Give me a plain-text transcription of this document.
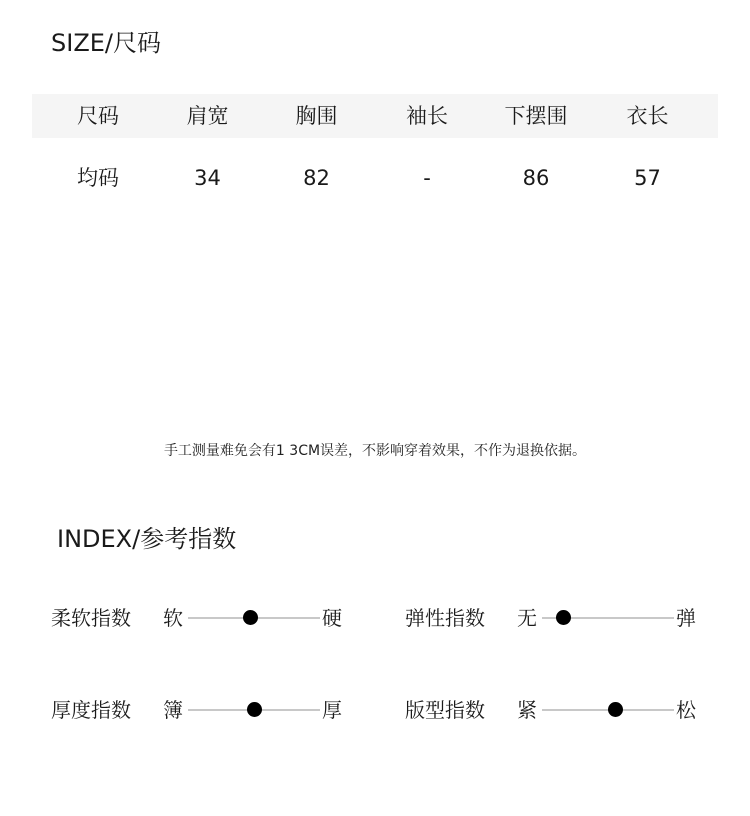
SIZE/尺码
尺码	肩宽	胸围	袖长	下摆围	衣长
均码	34	82	-	86	57
手工测量难免会有1 3CM误差，不影响穿着效果，不作为退换依据。
INDEX/参考指数
柔软指数 软	硬	弹性指数 无	弹
厚度指数 簿	厚	版型指数 紧	松
